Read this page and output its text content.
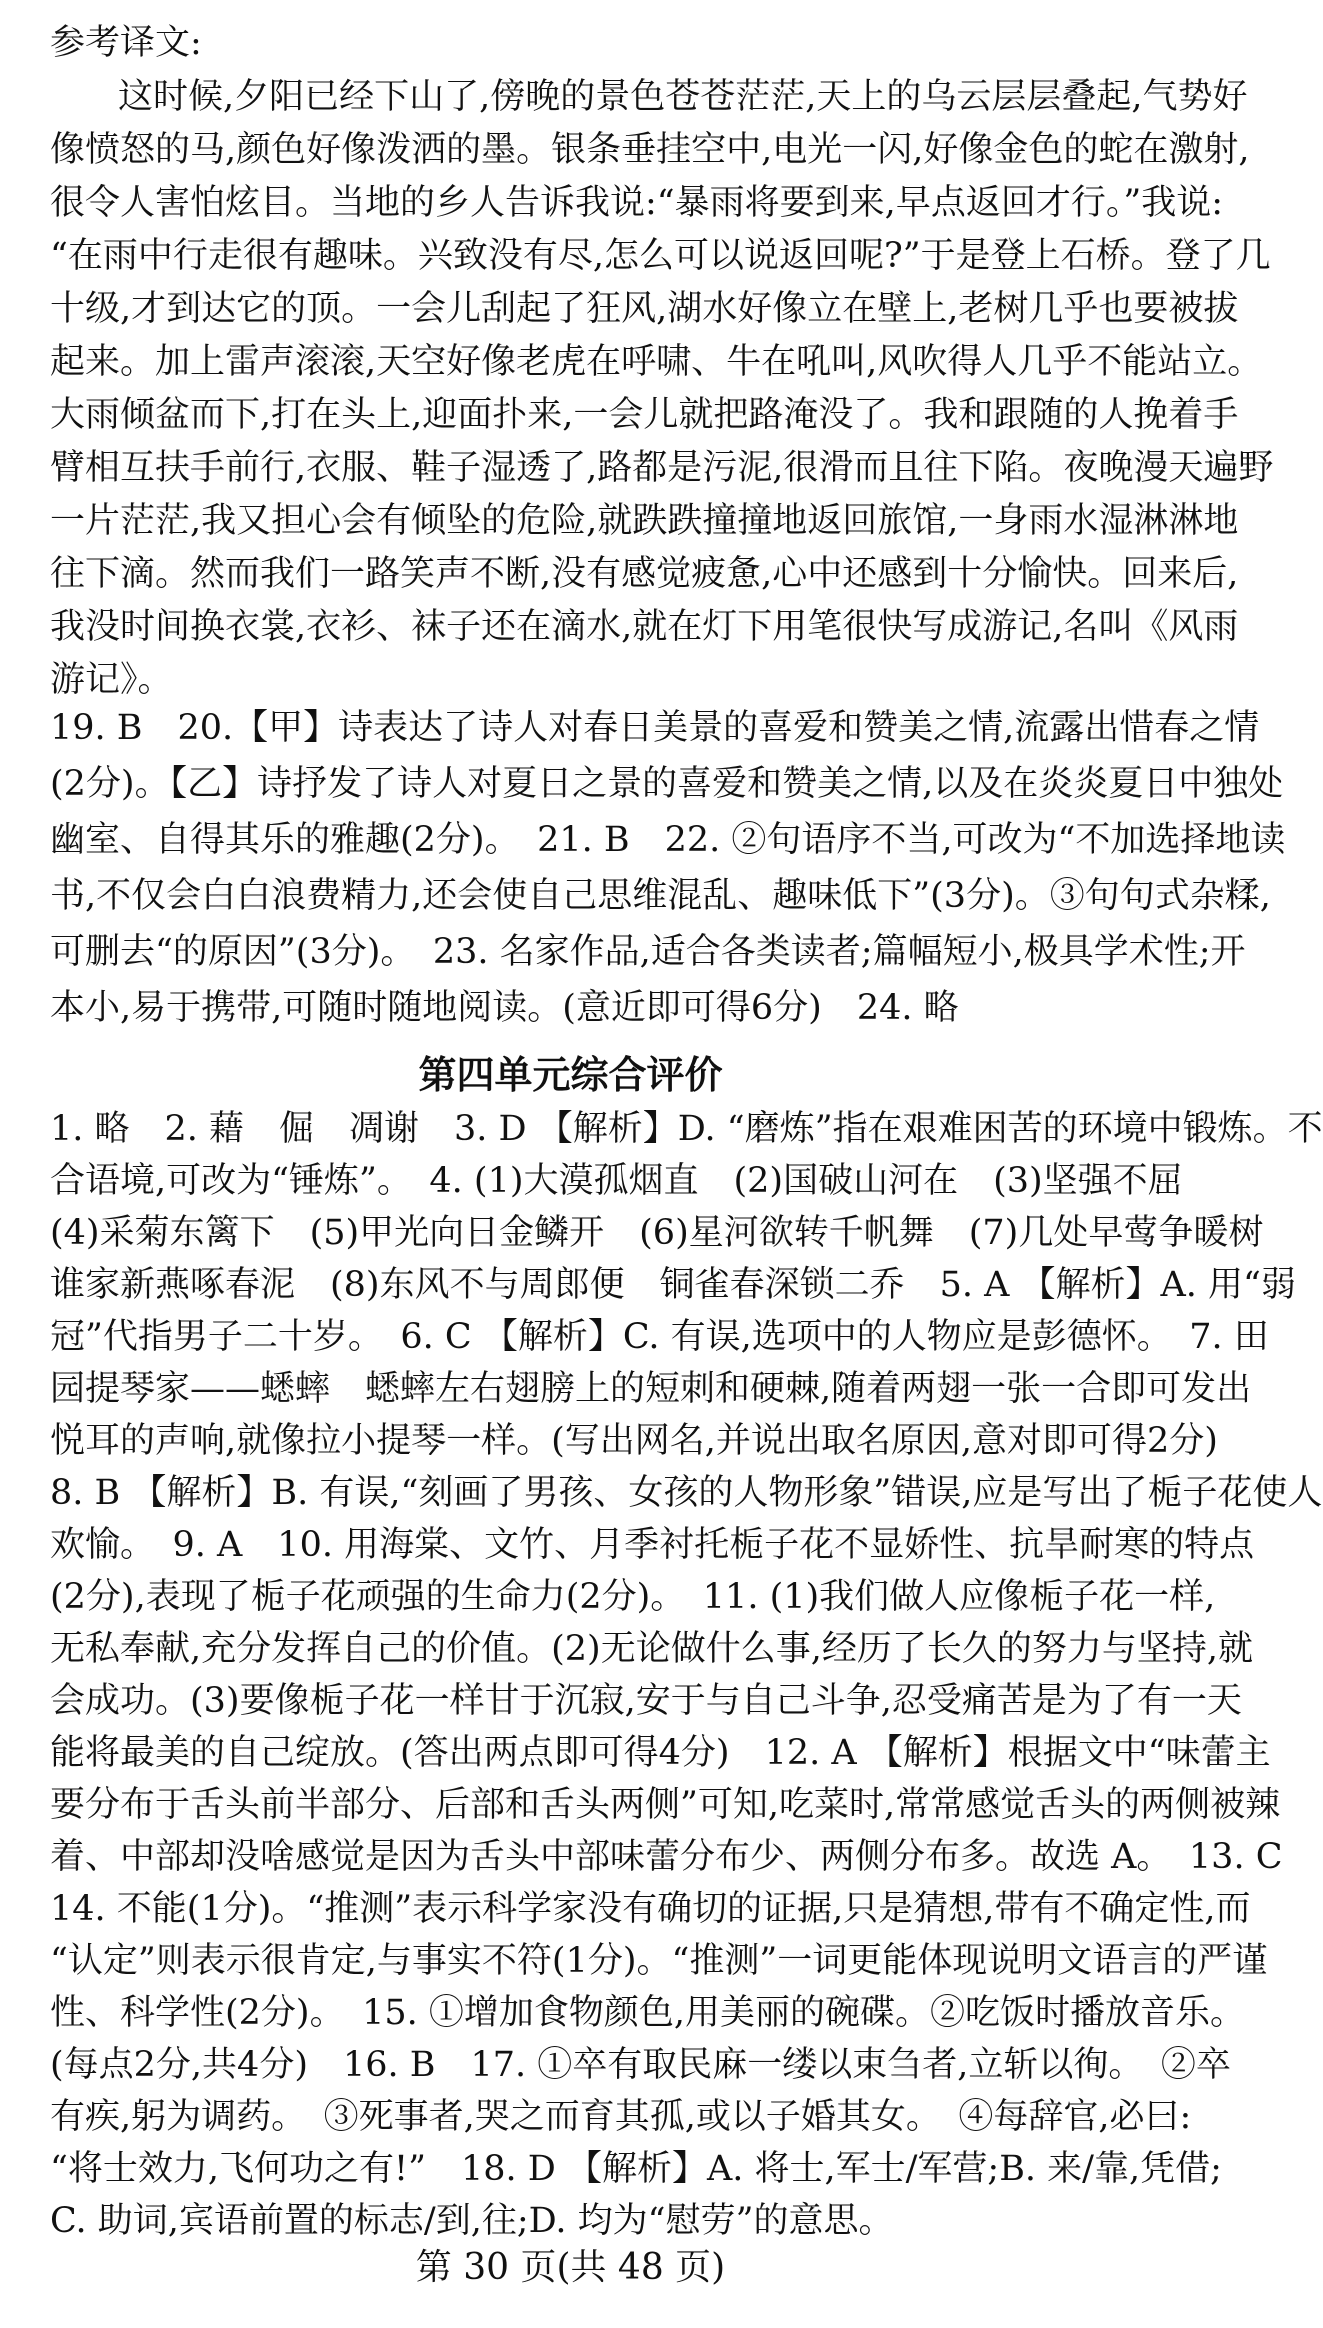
参考译文:
这时候,夕阳已经下山了,傍晚的景色苍苍茫茫,天上的乌云层层叠起,气势好
像愤怒的马,颜色好像泼洒的墨。银条垂挂空中,电光一闪,好像金色的蛇在激射,
很令人害怕炫目。当地的乡人告诉我说:“暴雨将要到来,早点返回才行。”我说:
“在雨中行走很有趣味。兴致没有尽,怎么可以说返回呢?”于是登上石桥。登了几
十级,才到达它的顶。一会儿刮起了狂风,湖水好像立在壁上,老树几乎也要被拔
起来。加上雷声滚滚,天空好像老虎在呼啸、牛在吼叫,风吹得人几乎不能站立。
大雨倾盆而下,打在头上,迎面扑来,一会儿就把路淹没了。我和跟随的人挽着手
臂相互扶手前行,衣服、鞋子湿透了,路都是污泥,很滑而且往下陷。夜晚漫天遍野
一片茫茫,我又担心会有倾坠的危险,就跌跌撞撞地返回旅馆,一身雨水湿淋淋地
往下滴。然而我们一路笑声不断,没有感觉疲惫,心中还感到十分愉快。回来后,
我没时间换衣裳,衣衫、袜子还在滴水,就在灯下用笔很快写成游记,名叫《风雨
游记》。
19. B　20.【甲】诗表达了诗人对春日美景的喜爱和赞美之情,流露出惜春之情
(2分)。【乙】诗抒发了诗人对夏日之景的喜爱和赞美之情,以及在炎炎夏日中独处
幽室、自得其乐的雅趣(2分)。　21. B　22. ②句语序不当,可改为“不加选择地读
书,不仅会白白浪费精力,还会使自己思维混乱、趣味低下”(3分)。③句句式杂糅,
可删去“的原因”(3分)。　23. 名家作品,适合各类读者;篇幅短小,极具学术性;开
本小,易于携带,可随时随地阅读。(意近即可得6分)　24. 略
第四单元综合评价
1. 略　2. 藉　倔　凋谢　3. D 【解析】D. “磨炼”指在艰难困苦的环境中锻炼。不
合语境,可改为“锤炼”。　4. (1)大漠孤烟直　(2)国破山河在　(3)坚强不屈
(4)采菊东篱下　(5)甲光向日金鳞开　(6)星河欲转千帆舞　(7)几处早莺争暖树
谁家新燕啄春泥　(8)东风不与周郎便　铜雀春深锁二乔　5. A 【解析】A. 用“弱
冠”代指男子二十岁。　6. C 【解析】C. 有误,选项中的人物应是彭德怀。　7. 田
园提琴家——蟋蟀　蟋蟀左右翅膀上的短刺和硬棘,随着两翅一张一合即可发出
悦耳的声响,就像拉小提琴一样。(写出网名,并说出取名原因,意对即可得2分)
8. B 【解析】B. 有误,“刻画了男孩、女孩的人物形象”错误,应是写出了栀子花使人
欢愉。　9. A　10. 用海棠、文竹、月季衬托栀子花不显娇性、抗旱耐寒的特点
(2分),表现了栀子花顽强的生命力(2分)。　11. (1)我们做人应像栀子花一样,
无私奉献,充分发挥自己的价值。(2)无论做什么事,经历了长久的努力与坚持,就
会成功。(3)要像栀子花一样甘于沉寂,安于与自己斗争,忍受痛苦是为了有一天
能将最美的自己绽放。(答出两点即可得4分)　12. A 【解析】根据文中“味蕾主
要分布于舌头前半部分、后部和舌头两侧”可知,吃菜时,常常感觉舌头的两侧被辣
着、中部却没啥感觉是因为舌头中部味蕾分布少、两侧分布多。故选 A。　13. C
14. 不能(1分)。“推测”表示科学家没有确切的证据,只是猜想,带有不确定性,而
“认定”则表示很肯定,与事实不符(1分)。“推测”一词更能体现说明文语言的严谨
性、科学性(2分)。　15. ①增加食物颜色,用美丽的碗碟。②吃饭时播放音乐。
(每点2分,共4分)　16. B　17. ①卒有取民麻一缕以束刍者,立斩以徇。　②卒
有疾,躬为调药。　③死事者,哭之而育其孤,或以子婚其女。　④每辞官,必曰:
“将士效力,飞何功之有!”　18. D 【解析】A. 将士,军士/军营;B. 来/靠,凭借;
C. 助词,宾语前置的标志/到,往;D. 均为“慰劳”的意思。
第 30 页(共 48 页)
